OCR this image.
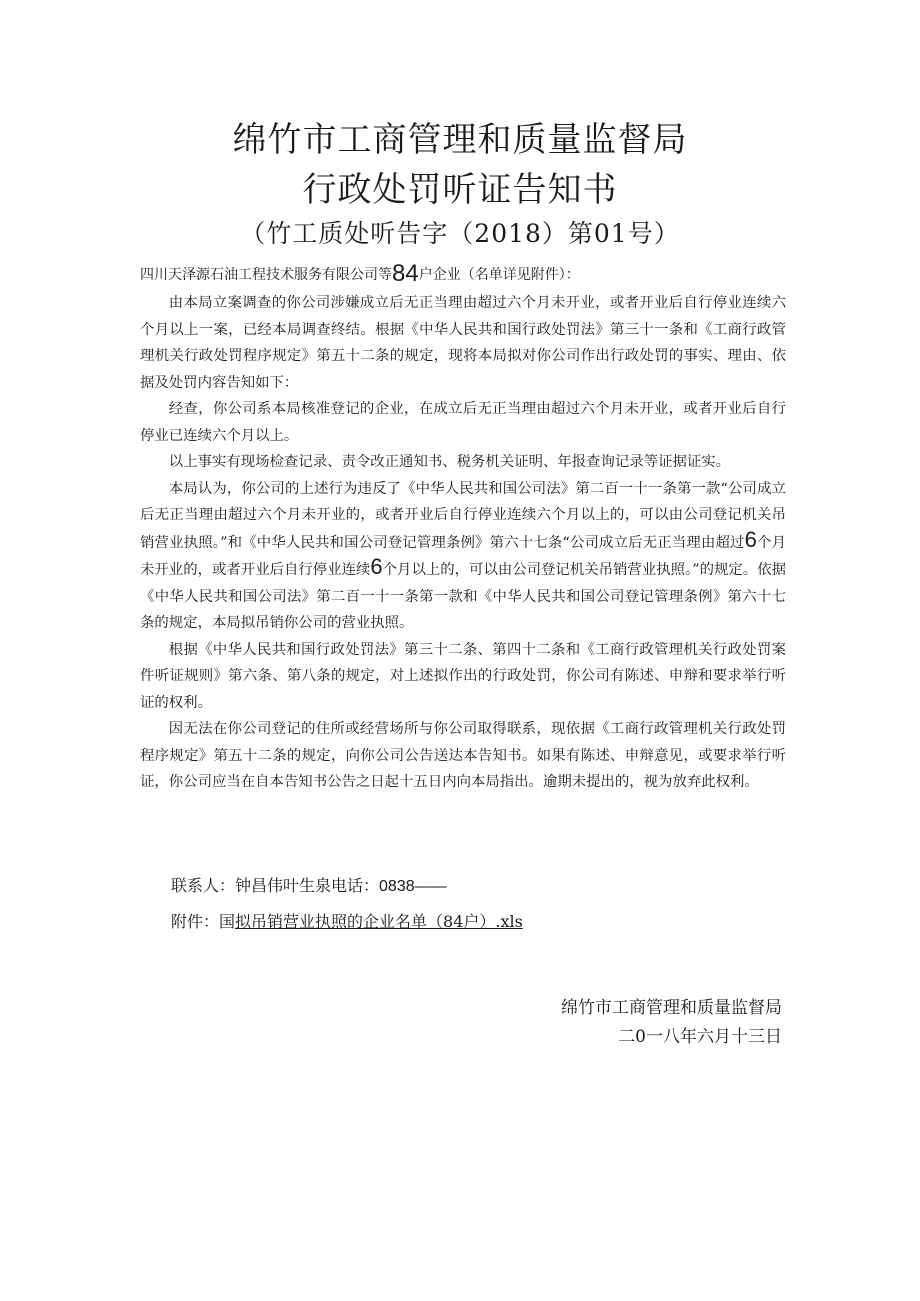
绵竹市工商管理和质量监督局
行政处罚听证告知书
（竹工质处听告字（2018）第01号）
四川天泽源石油工程技术服务有限公司等84户企业（名单详见附件）：

由本局立案调查的你公司涉嫌成立后无正当理由超过六个月未开业，或者开业后自行停业连续六个月以上一案，已经本局调查终结。根据《中华人民共和国行政处罚法》第三十一条和《工商行政管理机关行政处罚程序规定》第五十二条的规定，现将本局拟对你公司作出行政处罚的事实、理由、依据及处罚内容告知如下：

经查，你公司系本局核准登记的企业，在成立后无正当理由超过六个月未开业，或者开业后自行停业已连续六个月以上。

以上事实有现场检查记录、责令改正通知书、税务机关证明、年报查询记录等证据证实。

本局认为，你公司的上述行为违反了《中华人民共和国公司法》第二百一十一条第一款“公司成立后无正当理由超过六个月未开业的，或者开业后自行停业连续六个月以上的，可以由公司登记机关吊销营业执照。”和《中华人民共和国公司登记管理条例》第六十七条“公司成立后无正当理由超过6个月未开业的，或者开业后自行停业连续6个月以上的，可以由公司登记机关吊销营业执照。”的规定。依据《中华人民共和国公司法》第二百一十一条第一款和《中华人民共和国公司登记管理条例》第六十七条的规定，本局拟吊销你公司的营业执照。

根据《中华人民共和国行政处罚法》第三十二条、第四十二条和《工商行政管理机关行政处罚案件听证规则》第六条、第八条的规定，对上述拟作出的行政处罚，你公司有陈述、申辩和要求举行听证的权利。

因无法在你公司登记的住所或经营场所与你公司取得联系，现依据《工商行政管理机关行政处罚程序规定》第五十二条的规定，向你公司公告送达本告知书。如果有陈述、申辩意见，或要求举行听证，你公司应当在自本告知书公告之日起十五日内向本局指出。逾期未提出的，视为放弃此权利。

联系人：钟昌伟叶生泉电话：0838——
附件：国拟吊销营业执照的企业名单（84户）.xls
绵竹市工商管理和质量监督局
二0一八年六月十三日
